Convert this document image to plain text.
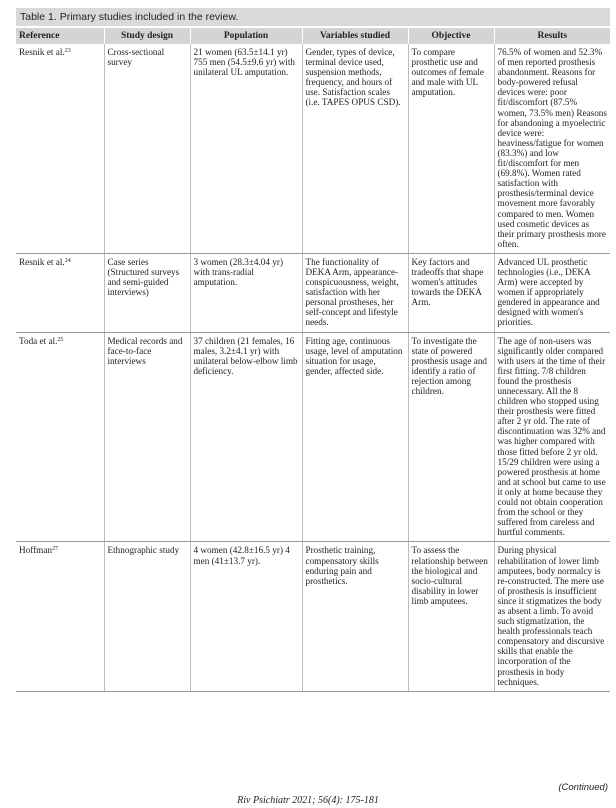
Table 1. Primary studies included in the review.
Reference	Study design	Population	Variables studied	Objective	Results
Resnik et al.$^{23}$	Cross-sectional survey	21 women (63.5±14.1 yr) 755 men (54.5±9.6 yr) with unilateral UL amputation.	Gender, types of device, terminal device used, suspension methods, frequency, and hours of use. Satisfaction scales (i.e. TAPES OPUS CSD).	To compare prosthetic use and outcomes of female and male with UL amputation.	76.5% of women and 52.3% of men reported prosthesis abandonment. Reasons for body-powered refusal devices were: poor fit/discomfort (87.5% women, 73.5% men) Reasons for abandoning a myoelectric device were: heaviness/fatigue for women (83.3%) and low fit/discomfort for men (69.8%). Women rated satisfaction with prosthesis/terminal device movement more favorably compared to men. Women used cosmetic devices as their primary prosthesis more often.
Resnik et al.$^{24}$	Case series (Structured surveys and semi-guided interviews)	3 women (28.3±4.04 yr) with trans-radial amputation.	The functionality of DEKA Arm, appearance-conspicuousness, weight, satisfaction with her personal prostheses, her self-concept and lifestyle needs.	Key factors and tradeoffs that shape women's attitudes towards the DEKA Arm.	Advanced UL prosthetic technologies (i.e., DEKA Arm) were accepted by women if appropriately gendered in appearance and designed with women's priorities.
Toda et al.$^{25}$	Medical records and face-to-face interviews	37 children (21 females, 16 males, 3.2±4.1 yr) with unilateral below-elbow limb deficiency.	Fitting age, continuous usage, level of amputation situation for usage, gender, affected side.	To investigate the state of powered prosthesis usage and identify a ratio of rejection among children.	The age of non-users was significantly older compared with users at the time of their first fitting. 7/8 children found the prosthesis unnecessary. All the 8 children who stopped using their prosthesis were fitted after 2 yr old. The rate of discontinuation was 32% and was higher compared with those fitted before 2 yr old. 15/29 children were using a powered prosthesis at home and at school but came to use it only at home because they could not obtain cooperation from the school or they suffered from careless and hurtful comments.
Hoffman$^{27}$	Ethnographic study	4 women (42.8±16.5 yr) 4 men (41±13.7 yr).	Prosthetic training, compensatory skills enduring pain and prosthetics.	To assess the relationship between the biological and socio-cultural disability in lower limb amputees.	During physical rehabilitation of lower limb amputees, body normalcy is re-constructed. The mere use of prosthesis is insufficient since it stigmatizes the body as absent a limb. To avoid such stigmatization, the health professionals teach compensatory and discursive skills that enable the incorporation of the prosthesis in body techniques.
(Continued)
Riv Psichiatr 2021; 56(4): 175-181
